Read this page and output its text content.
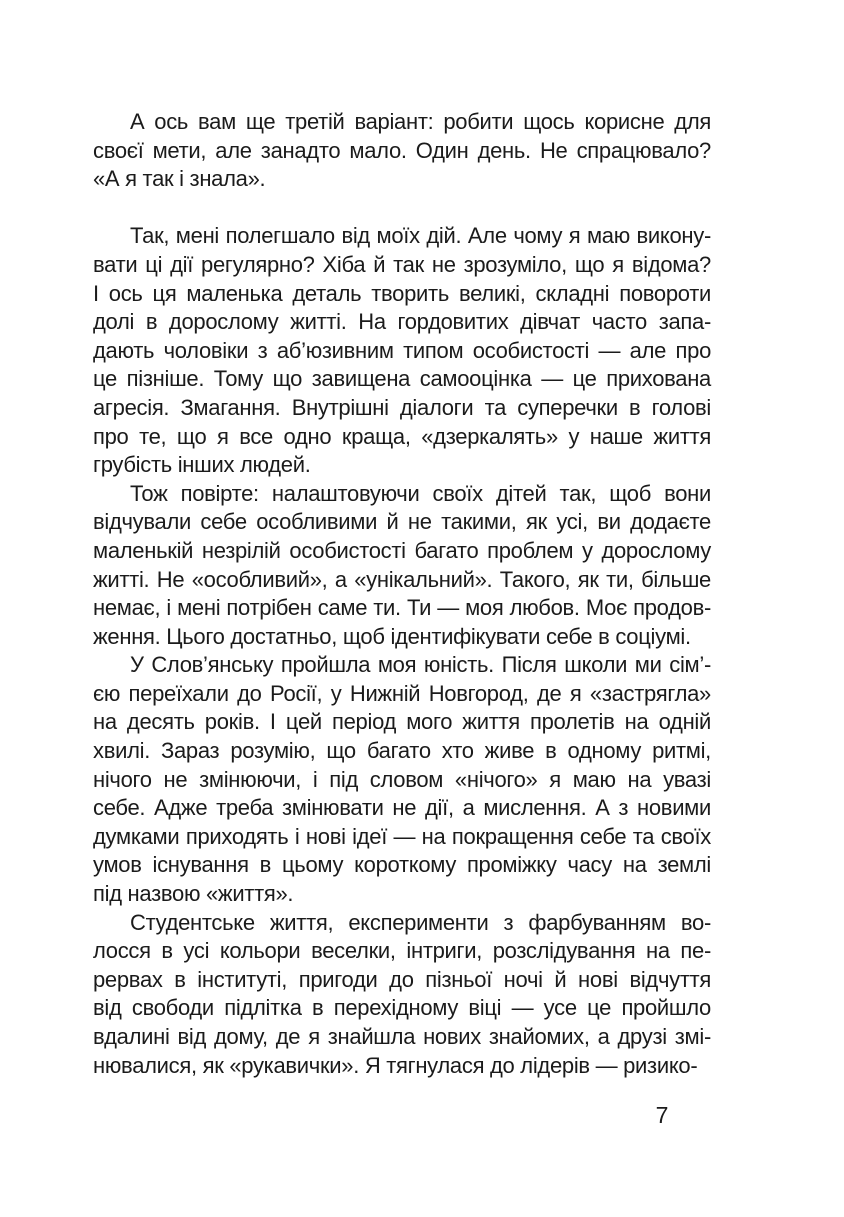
А ось вам ще третій варіант: робити щось корисне для
своєї мети, але занадто мало. Один день. Не спрацювало?
«А я так і знала».
Так, мені полегшало від моїх дій. Але чому я маю викону-
вати ці дії регулярно? Хіба й так не зрозуміло, що я відома?
І ось ця маленька деталь творить великі, складні повороти
долі в дорослому житті. На гордовитих дівчат часто запа-
дають чоловіки з аб’юзивним типом особистості — але про
це пізніше. Тому що завищена самооцінка — це прихована
агресія. Змагання. Внутрішні діалоги та суперечки в голові
про те, що я все одно краща, «дзеркалять» у наше життя
грубість інших людей.
Тож повірте: налаштовуючи своїх дітей так, щоб вони
відчували себе особливими й не такими, як усі, ви додаєте
маленькій незрілій особистості багато проблем у дорослому
житті. Не «особливий», а «унікальний». Такого, як ти, більше
немає, і мені потрібен саме ти. Ти — моя любов. Моє продов-
ження. Цього достатньо, щоб ідентифікувати себе в соціумі.
У Слов’янську пройшла моя юність. Після школи ми сім’-
єю переїхали до Росії, у Нижній Новгород, де я «застрягла»
на десять років. І цей період мого життя пролетів на одній
хвилі. Зараз розумію, що багато хто живе в одному ритмі,
нічого не змінюючи, і під словом «нічого» я маю на увазі
себе. Адже треба змінювати не дії, а мислення. А з новими
думками приходять і нові ідеї — на покращення себе та своїх
умов існування в цьому короткому проміжку часу на землі
під назвою «життя».
Студентське життя, експерименти з фарбуванням во-
лосся в усі кольори веселки, інтриги, розслідування на пе-
рервах в інституті, пригоди до пізньої ночі й нові відчуття
від свободи підлітка в перехідному віці — усе це пройшло
вдалині від дому, де я знайшла нових знайомих, а друзі змі-
нювалися, як «рукавички». Я тягнулася до лідерів — ризико-
7
